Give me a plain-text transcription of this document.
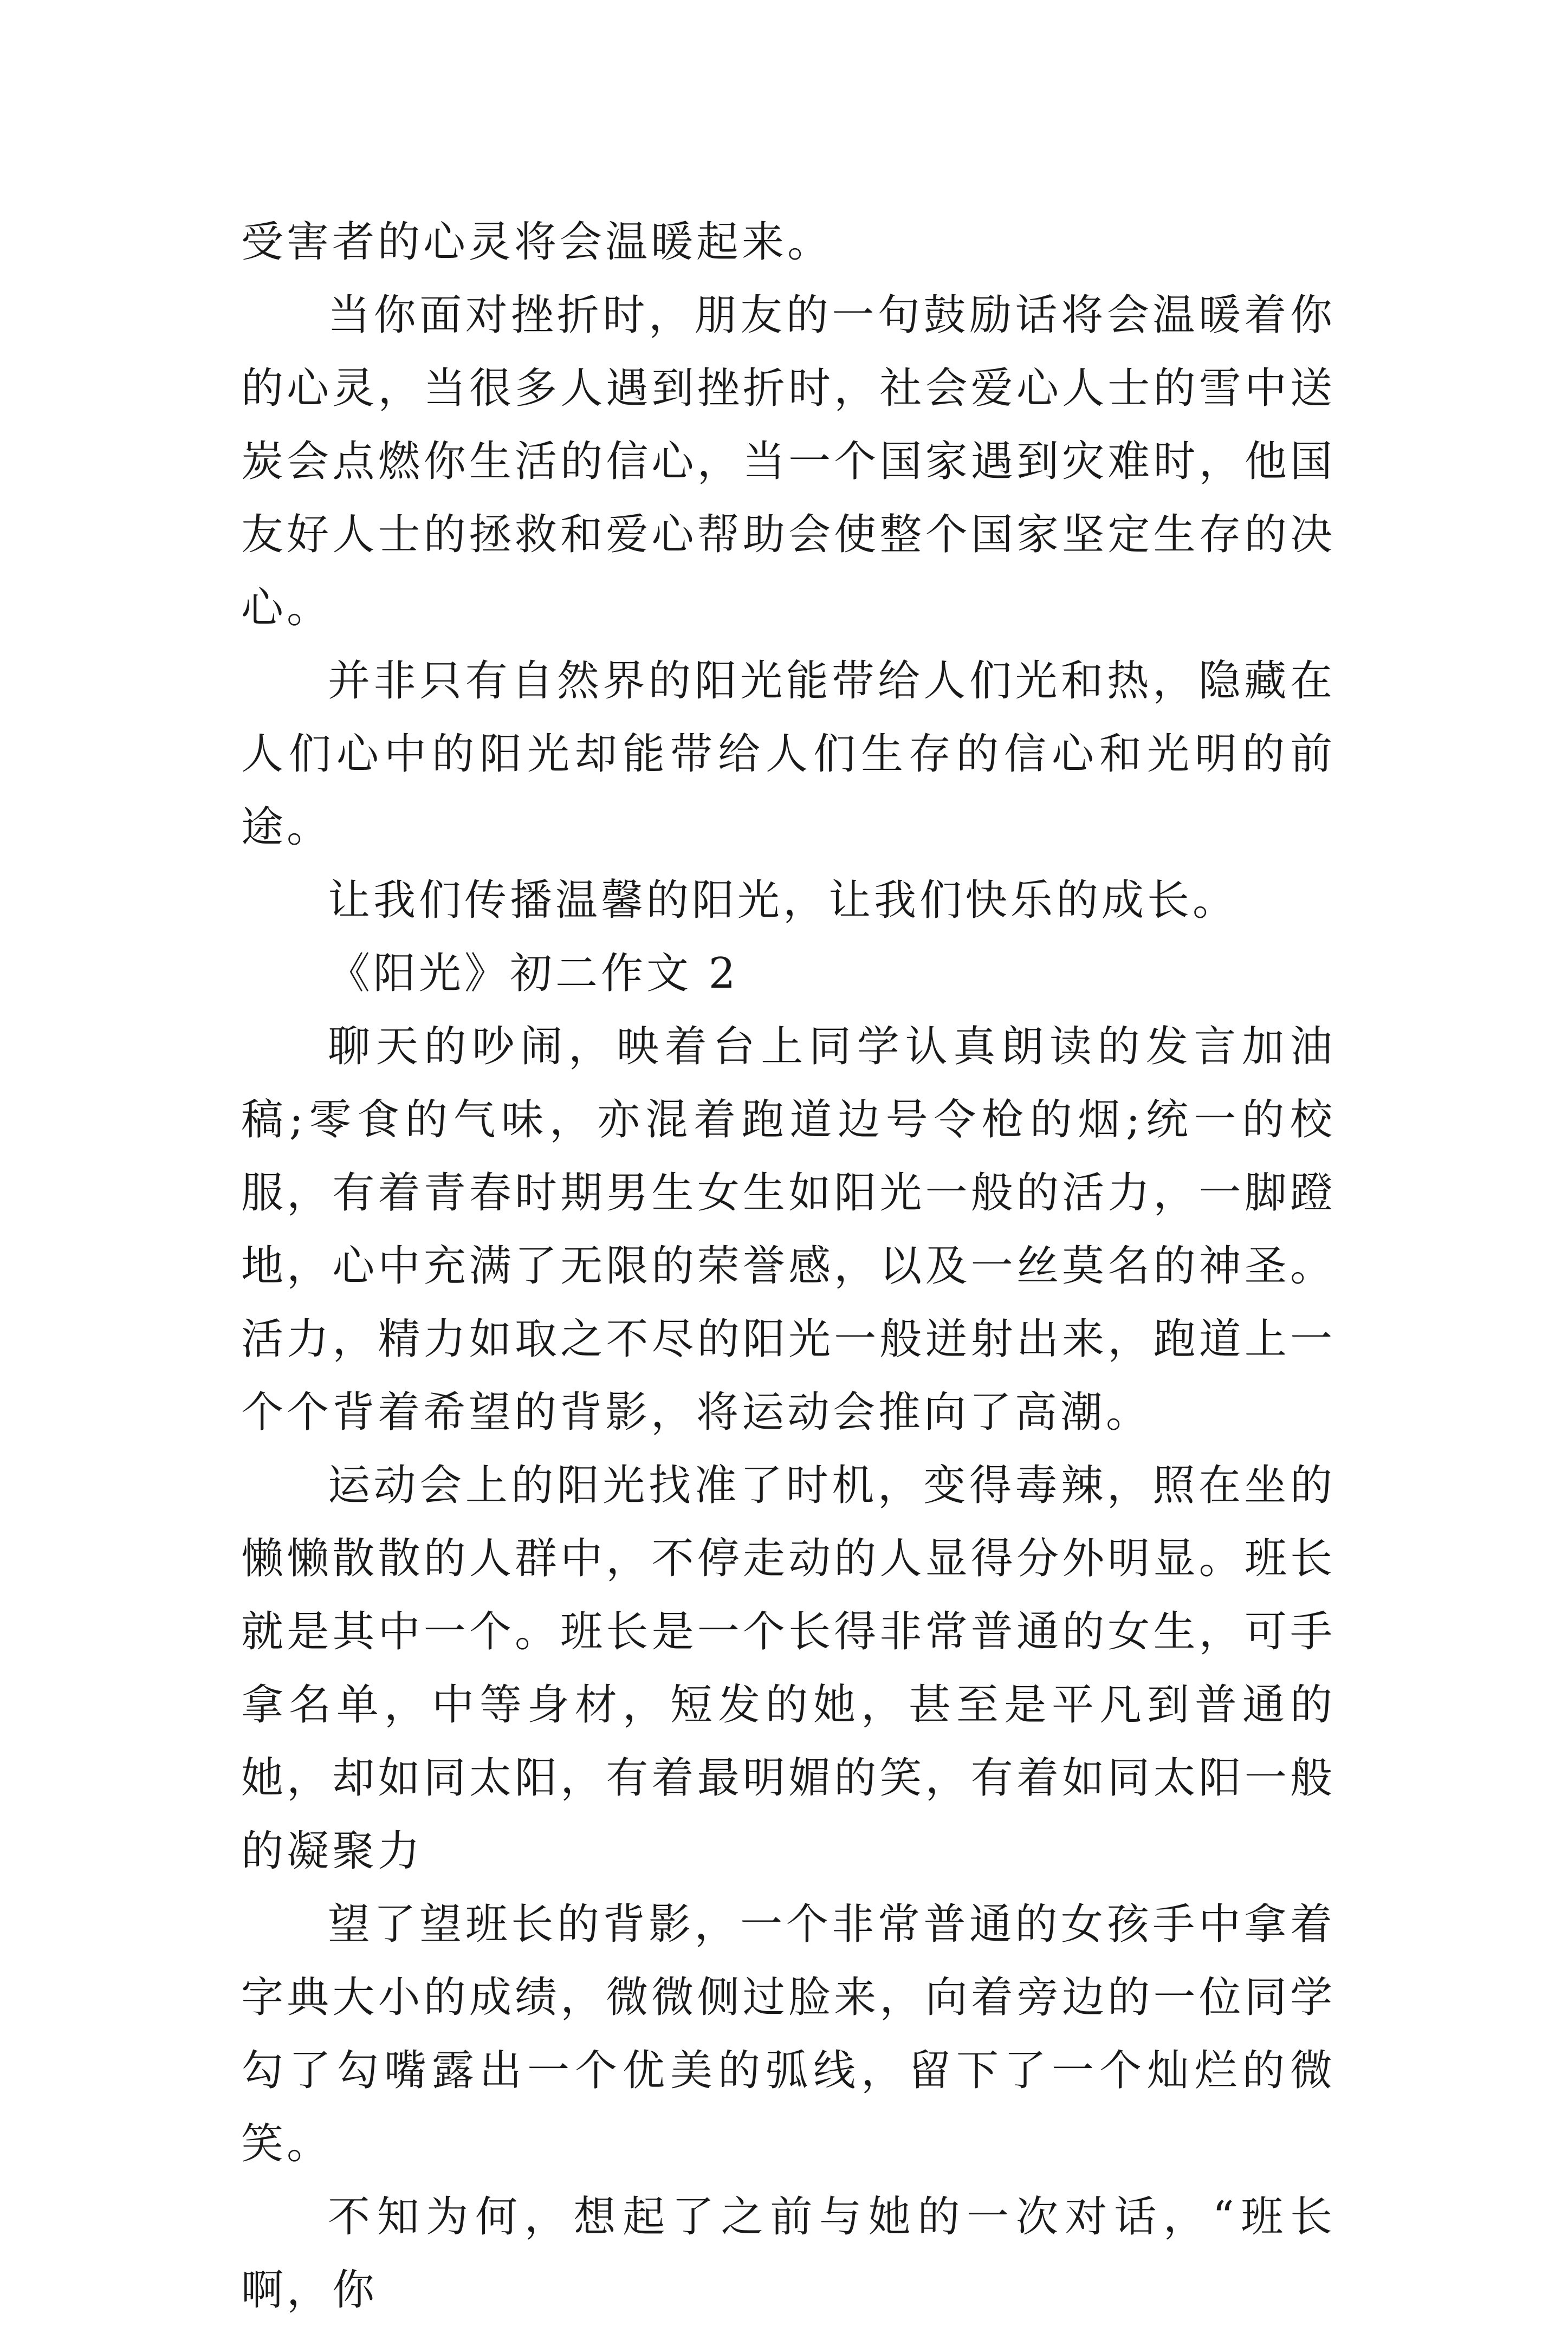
受害者的心灵将会温暖起来。

当你面对挫折时，朋友的一句鼓励话将会温暖着你的心灵，当很多人遇到挫折时，社会爱心人士的雪中送炭会点燃你生活的信心，当一个国家遇到灾难时，他国友好人士的拯救和爱心帮助会使整个国家坚定生存的决心。

并非只有自然界的阳光能带给人们光和热，隐藏在人们心中的阳光却能带给人们生存的信心和光明的前途。

让我们传播温馨的阳光，让我们快乐的成长。

《阳光》初二作文 2

聊天的吵闹，映着台上同学认真朗读的发言加油稿;零食的气味，亦混着跑道边号令枪的烟;统一的校服，有着青春时期男生女生如阳光一般的活力，一脚蹬地，心中充满了无限的荣誉感，以及一丝莫名的神圣。活力，精力如取之不尽的阳光一般迸射出来，跑道上一个个背着希望的背影，将运动会推向了高潮。

运动会上的阳光找准了时机，变得毒辣，照在坐的懒懒散散的人群中，不停走动的人显得分外明显。班长就是其中一个。班长是一个长得非常普通的女生，可手拿名单，中等身材，短发的她，甚至是平凡到普通的她，却如同太阳，有着最明媚的笑，有着如同太阳一般的凝聚力

望了望班长的背影，一个非常普通的女孩手中拿着字典大小的成绩，微微侧过脸来，向着旁边的一位同学勾了勾嘴露出一个优美的弧线，留下了一个灿烂的微笑。

不知为何，想起了之前与她的一次对话，“班长啊，你
